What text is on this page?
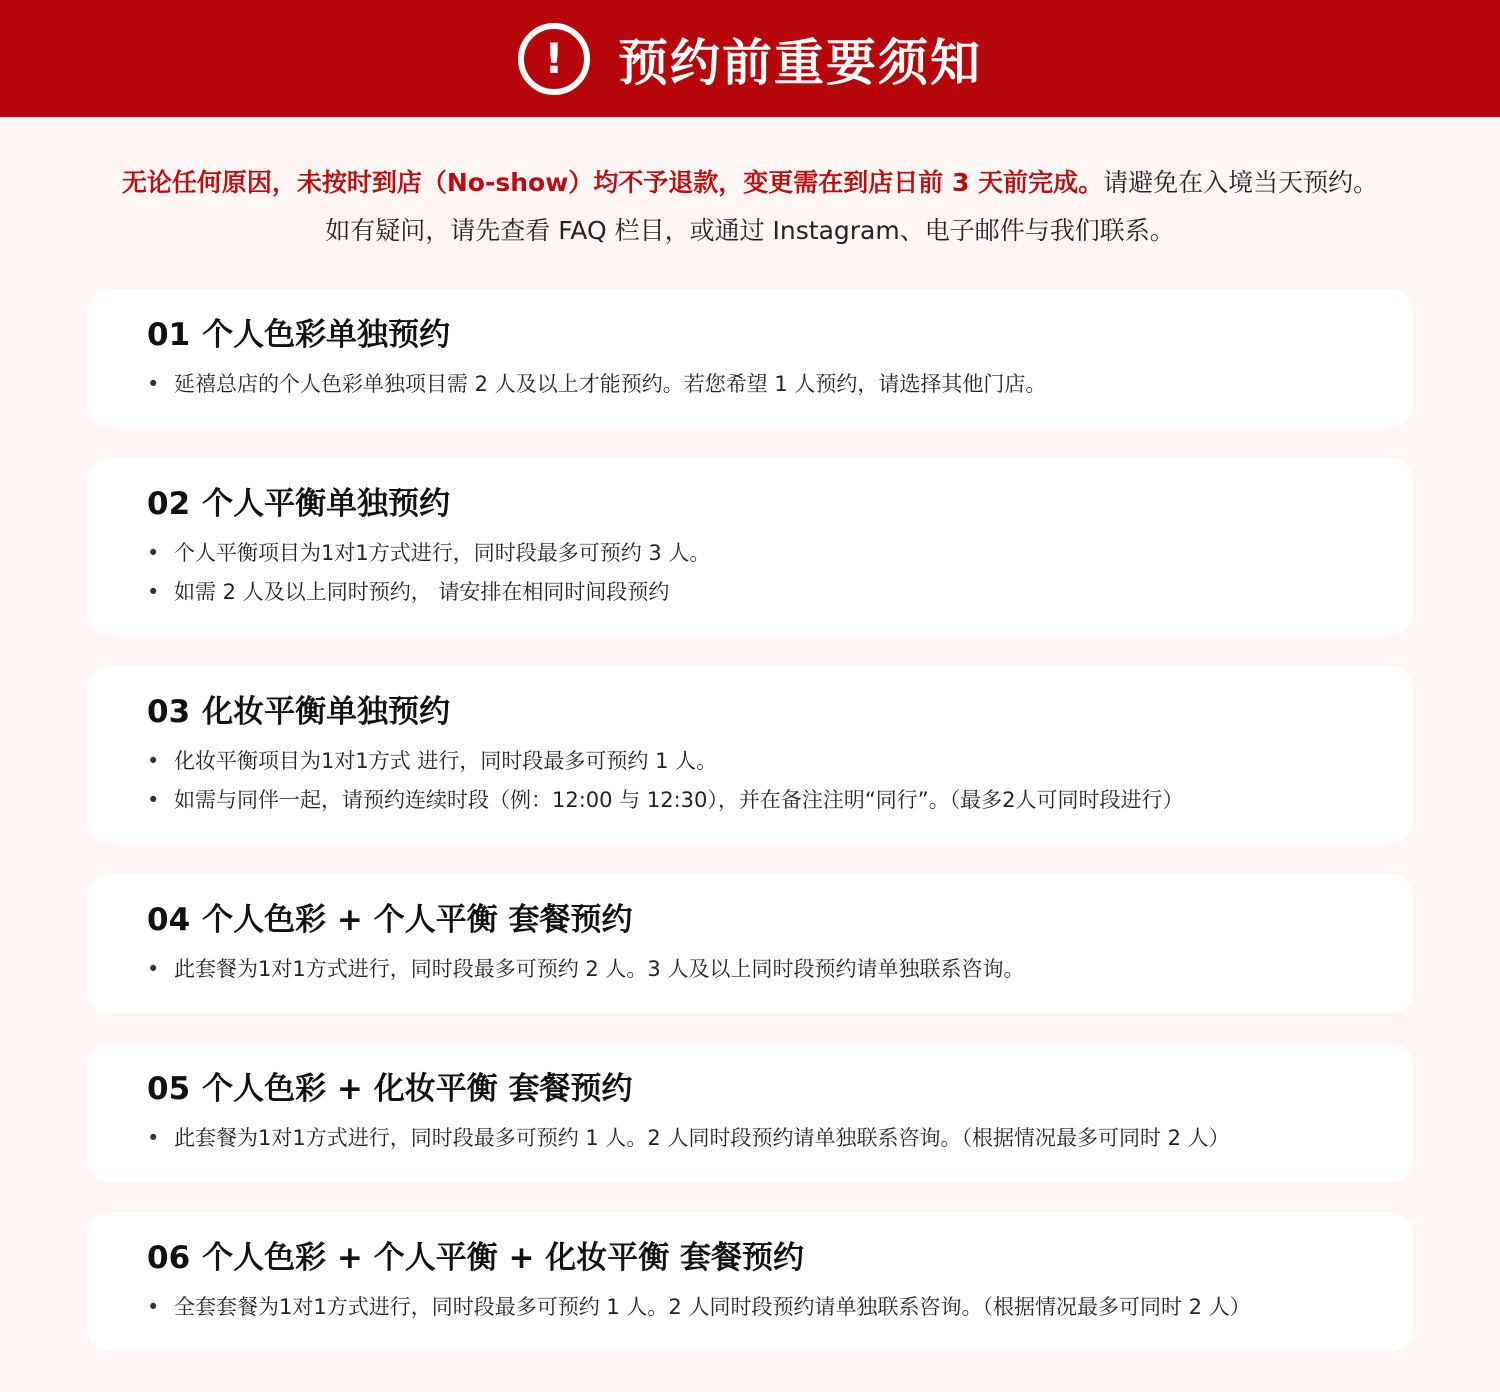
!	预约前重要须知
无论任何原因，未按时到店（No-show）均不予退款，变更需在到店日前 3 天前完成。请避免在入境当天预约。
如有疑问，请先查看 FAQ 栏目，或通过 Instagram、电子邮件与我们联系。
01 个人色彩单独预约
• 延禧总店的个人色彩单独项目需 2 人及以上才能预约。若您希望 1 人预约，请选择其他门店。
02 个人平衡单独预约
• 个人平衡项目为1对1方式进行，同时段最多可预约 3 人。
• 如需 2 人及以上同时预约， 请安排在相同时间段预约
03 化妆平衡单独预约
• 化妆平衡项目为1对1方式 进行，同时段最多可预约 1 人。
• 如需与同伴一起，请预约连续时段（例：12:00 与 12:30），并在备注注明“同行”。（最多2人可同时段进行）
04 个人色彩 + 个人平衡 套餐预约
• 此套餐为1对1方式进行，同时段最多可预约 2 人。3 人及以上同时段预约请单独联系咨询。
05 个人色彩 + 化妆平衡 套餐预约
• 此套餐为1对1方式进行，同时段最多可预约 1 人。2 人同时段预约请单独联系咨询。（根据情况最多可同时 2 人）
06 个人色彩 + 个人平衡 + 化妆平衡 套餐预约
• 全套套餐为1对1方式进行，同时段最多可预约 1 人。2 人同时段预约请单独联系咨询。（根据情况最多可同时 2 人）
